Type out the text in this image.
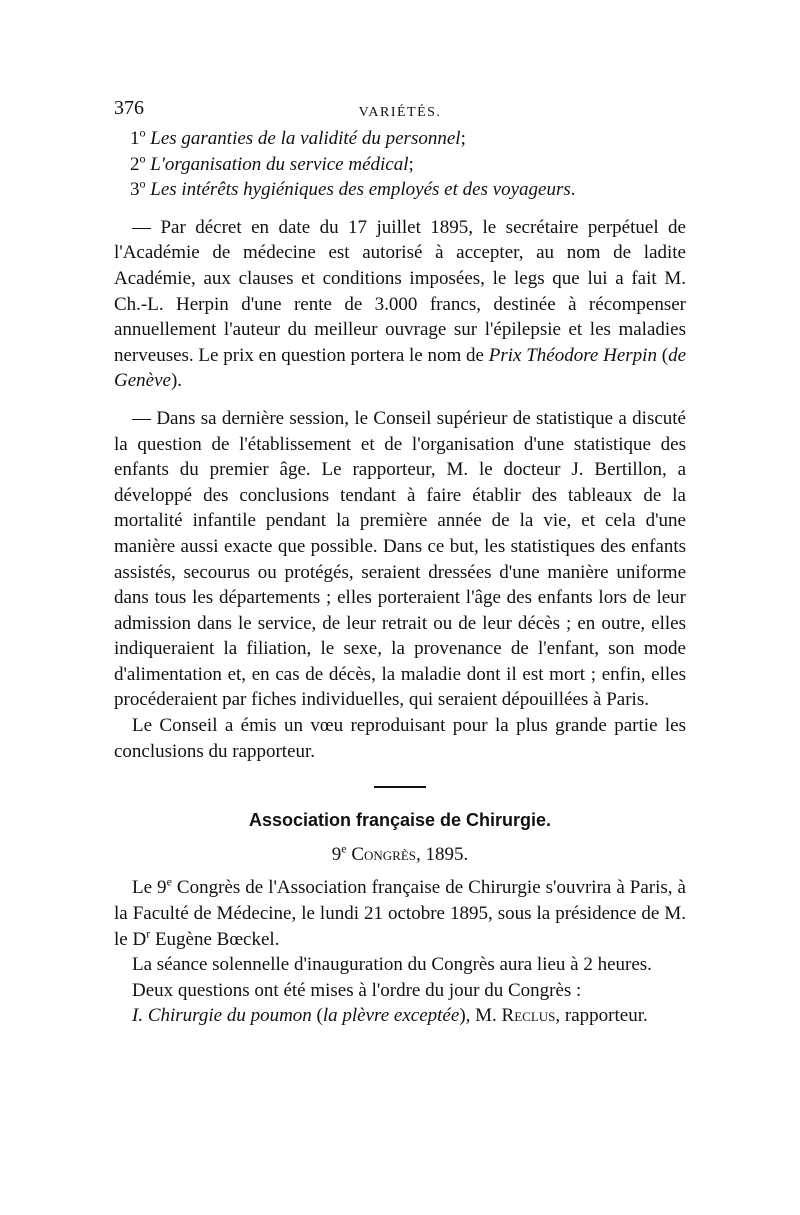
376	VARIÉTÉS.
1$^o$ Les garanties de la validité du personnel;
2$^o$ L'organisation du service médical;
3$^o$ Les intérêts hygiéniques des employés et des voyageurs.

— Par décret en date du 17 juillet 1895, le secrétaire perpétuel de l'Académie de médecine est autorisé à accepter, au nom de ladite Académie, aux clauses et conditions imposées, le legs que lui a fait M. Ch.-L. Herpin d'une rente de 3.000 francs, destinée à récompenser annuellement l'auteur du meilleur ouvrage sur l'épilepsie et les maladies nerveuses. Le prix en question portera le nom de Prix Théodore Herpin (de Genève).

— Dans sa dernière session, le Conseil supérieur de statistique a discuté la question de l'établissement et de l'organisation d'une statistique des enfants du premier âge. Le rapporteur, M. le docteur J. Bertillon, a développé des conclusions tendant à faire établir des tableaux de la mortalité infantile pendant la première année de la vie, et cela d'une manière aussi exacte que possible. Dans ce but, les statistiques des enfants assistés, secourus ou protégés, seraient dressées d'une manière uniforme dans tous les départements ; elles porteraient l'âge des enfants lors de leur admission dans le service, de leur retrait ou de leur décès ; en outre, elles indiqueraient la filiation, le sexe, la provenance de l'enfant, son mode d'alimentation et, en cas de décès, la maladie dont il est mort ; enfin, elles procéderaient par fiches individuelles, qui seraient dépouillées à Paris.

Le Conseil a émis un vœu reproduisant pour la plus grande partie les conclusions du rapporteur.

Association française de Chirurgie.
9e Congrès, 1895.

Le 9e Congrès de l'Association française de Chirurgie s'ouvrira à Paris, à la Faculté de Médecine, le lundi 21 octobre 1895, sous la présidence de M. le $D^r$ Eugène Bœckel.

La séance solennelle d'inauguration du Congrès aura lieu à 2 heures.

Deux questions ont été mises à l'ordre du jour du Congrès :

I. Chirurgie du poumon (la plèvre exceptée), M. Reclus, rapporteur.
